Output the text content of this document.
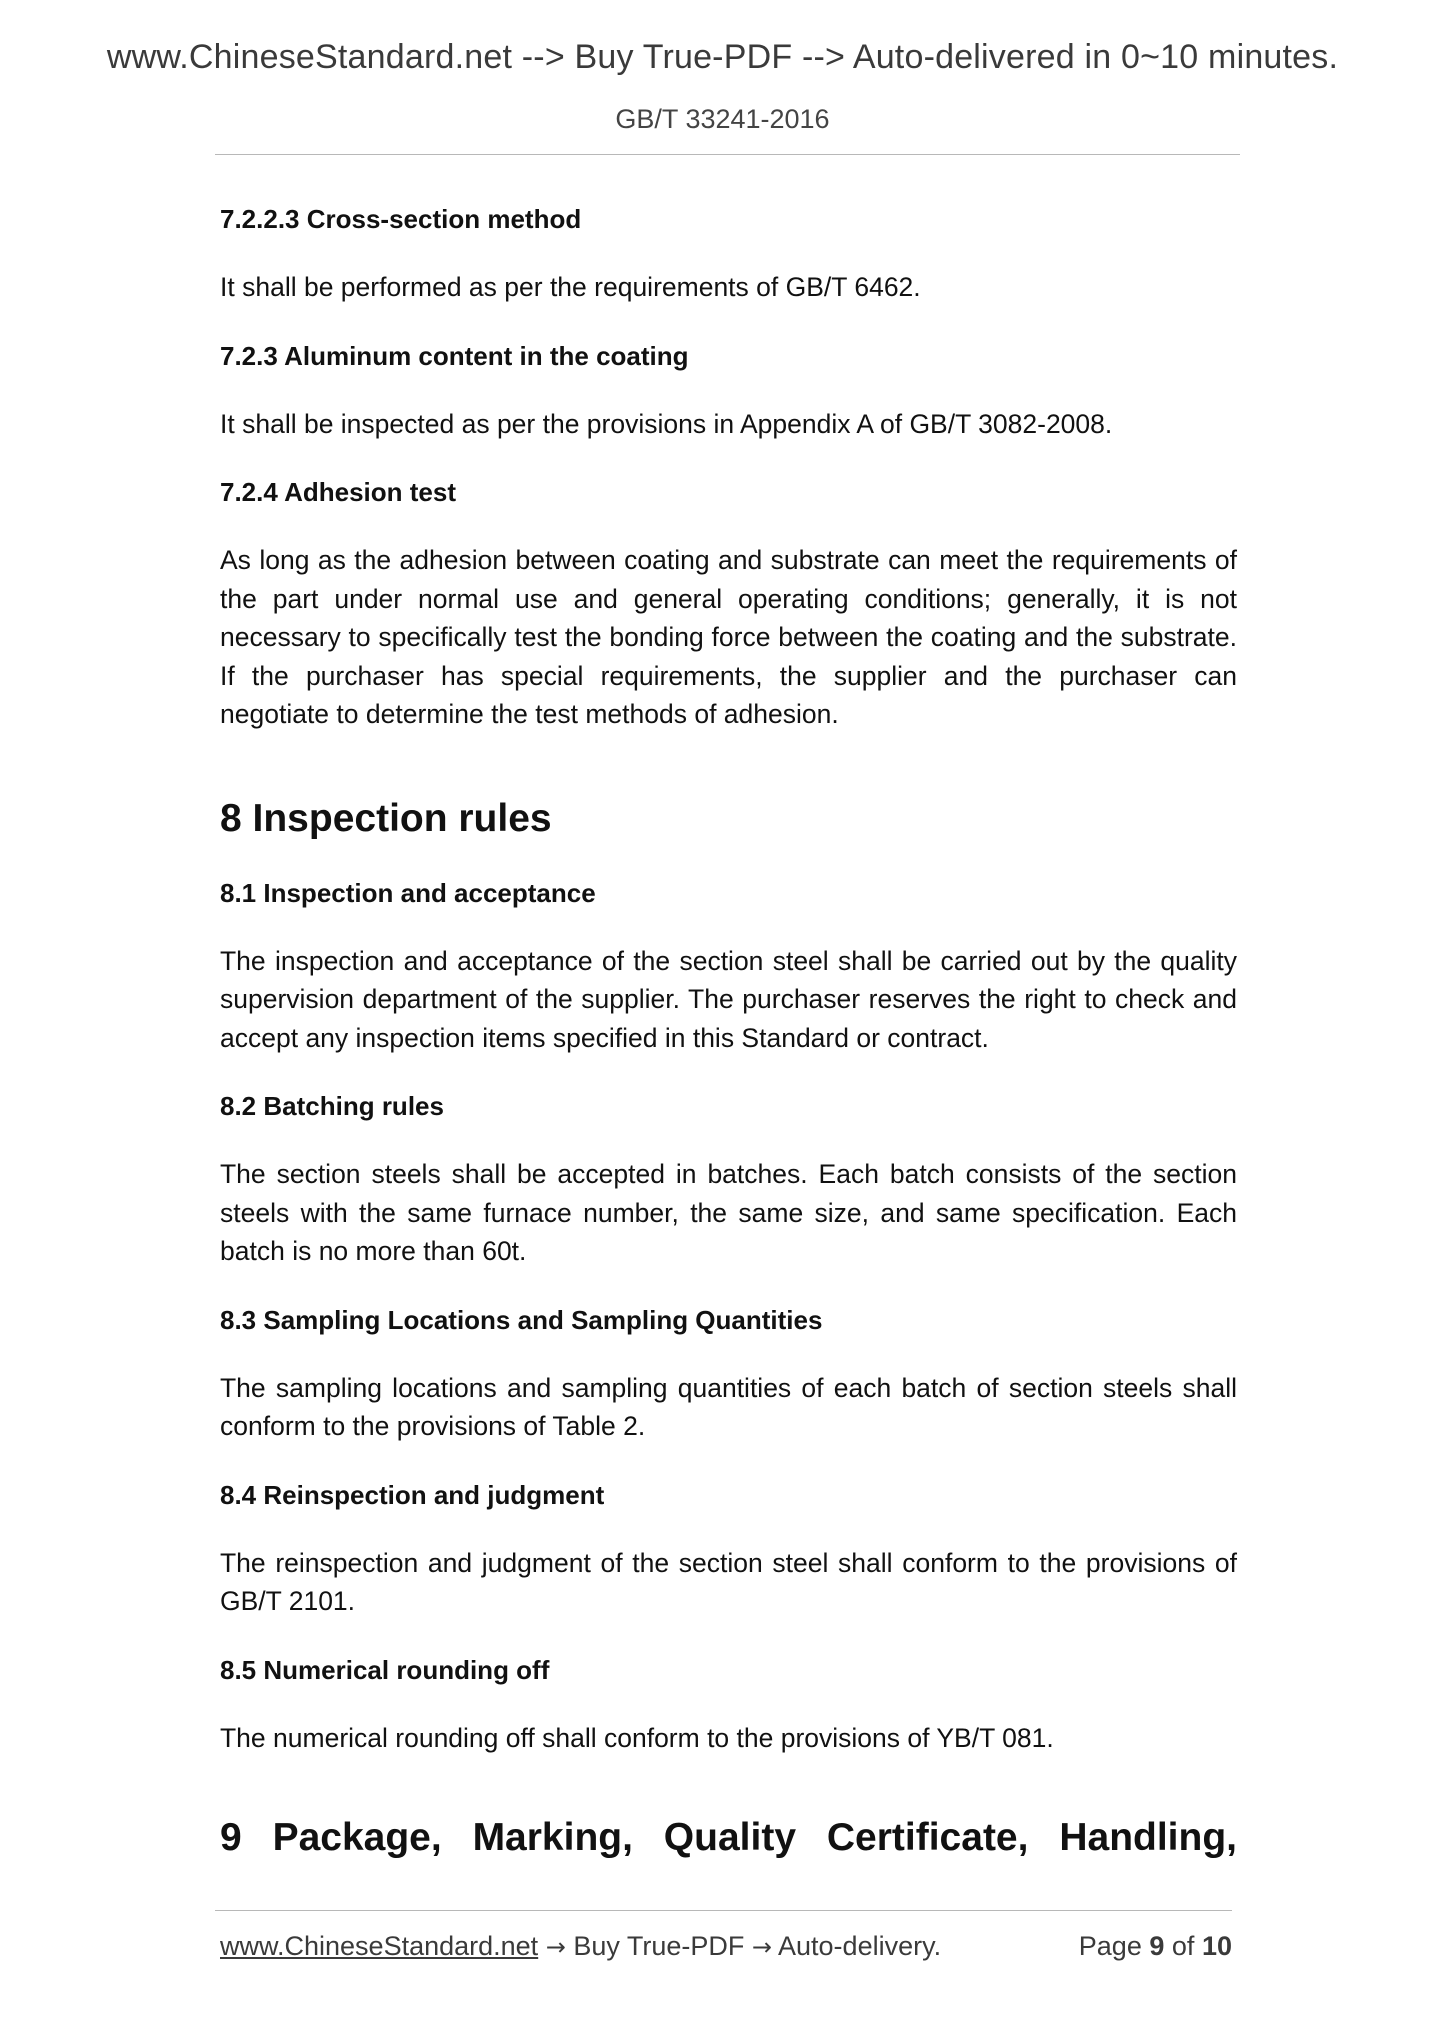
www.ChineseStandard.net --> Buy True-PDF --> Auto-delivered in 0~10 minutes.
GB/T 33241-2016
7.2.2.3 Cross-section method
It shall be performed as per the requirements of GB/T 6462.
7.2.3 Aluminum content in the coating
It shall be inspected as per the provisions in Appendix A of GB/T 3082-2008.
7.2.4 Adhesion test
As long as the adhesion between coating and substrate can meet the requirements of the part under normal use and general operating conditions; generally, it is not necessary to specifically test the bonding force between the coating and the substrate. If the purchaser has special requirements, the supplier and the purchaser can negotiate to determine the test methods of adhesion.
8 Inspection rules
8.1 Inspection and acceptance
The inspection and acceptance of the section steel shall be carried out by the quality supervision department of the supplier. The purchaser reserves the right to check and accept any inspection items specified in this Standard or contract.
8.2 Batching rules
The section steels shall be accepted in batches. Each batch consists of the section steels with the same furnace number, the same size, and same specification. Each batch is no more than 60t.
8.3 Sampling Locations and Sampling Quantities
The sampling locations and sampling quantities of each batch of section steels shall conform to the provisions of Table 2.
8.4 Reinspection and judgment
The reinspection and judgment of the section steel shall conform to the provisions of GB/T 2101.
8.5 Numerical rounding off
The numerical rounding off shall conform to the provisions of YB/T 081.
9 Package, Marking, Quality Certificate, Handling,
www.ChineseStandard.net → Buy True-PDF → Auto-delivery.	Page 9 of 10
